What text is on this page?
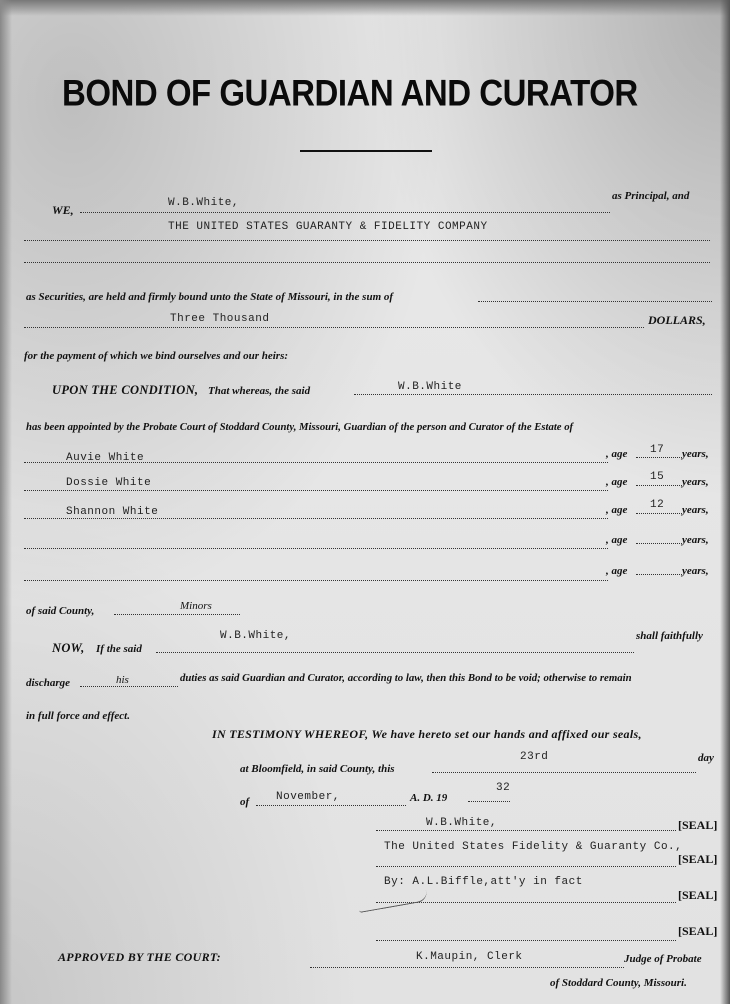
BOND OF GUARDIAN AND CURATOR
WE,	W.B.White,
as Principal, and
THE UNITED STATES GUARANTY & FIDELITY COMPANY
as Securities, are held and firmly bound unto the State of Missouri, in the sum of
Three Thousand	DOLLARS,
for the payment of which we bind ourselves and our heirs:
UPON THE CONDITION, That whereas, the said	W.B.White
has been appointed by the Probate Court of Stoddard County, Missouri, Guardian of the person and Curator of the Estate of
Auvie White	, age 17 years,
Dossie White	, age 15 years,
Shannon White	, age 12 years,
, age	years,
, age	years,
of said County,	Minors
NOW, If the said
W.B.White,	shall faithfully
discharge	his	duties as said Guardian and Curator, according to law, then this Bond to be void; otherwise to remain
in full force and effect.
IN TESTIMONY WHEREOF, We have hereto set our hands and affixed our seals,
at Bloomfield, in said County, this
23rd	day
of November,	A. D. 19
32
W.B.White,	[SEAL]
The United States Fidelity & Guaranty Co.,
[SEAL]
By: A.L.Biffle,att'y in fact
[SEAL]
[SEAL]
APPROVED BY THE COURT:	K.Maupin, Clerk	Judge of Probate
of Stoddard County, Missouri.
